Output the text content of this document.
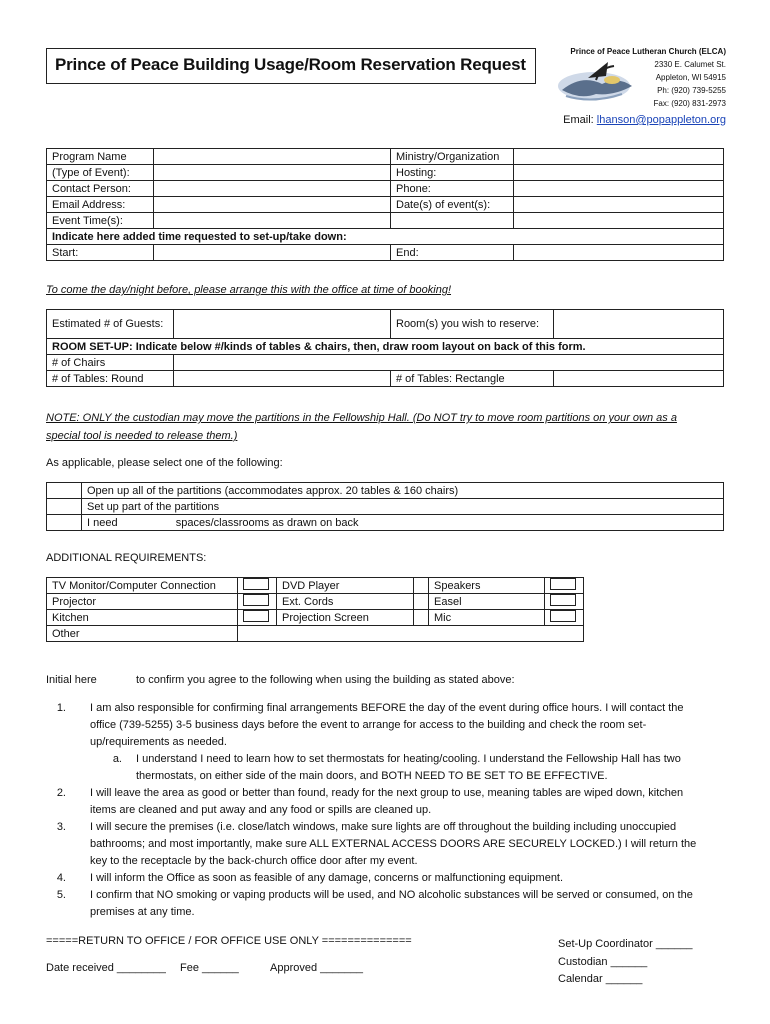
Prince of Peace Building Usage/Room Reservation Request
Prince of Peace Lutheran Church (ELCA)
2330 E. Calumet St.
Appleton, WI 54915
Ph: (920) 739-5255
Fax: (920) 831-2973
Email: lhanson@popappleton.org
Program Name		Ministry/Organization	
(Type of Event):		Hosting:	
Contact Person:		Phone:	
Email Address:		Date(s) of event(s):	
Event Time(s):			
Indicate here added time requested to set-up/take down:			
Start:		End:	
To come the day/night before, please arrange this with the office at time of booking!
Estimated # of Guests:		Room(s) you wish to reserve:	
ROOM SET-UP: Indicate below #/kinds of tables & chairs, then, draw room layout on back of this form.			
# of Chairs			
# of Tables: Round		# of Tables: Rectangle	
NOTE: ONLY the custodian may move the partitions in the Fellowship Hall. (Do NOT try to move room partitions on your own as a
special tool is needed to release them.)
As applicable, please select one of the following:
	Open up all of the partitions (accommodates approx. 20 tables & 160 chairs)
	Set up part of the partitions
	I need spaces/classrooms as drawn on back
ADDITIONAL REQUIREMENTS:
TV Monitor/Computer Connection		DVD Player		Speakers	
Projector		Ext. Cords		Easel	
Kitchen		Projection Screen		Mic	
Other					
Initial here	to confirm you agree to the following when using the building as stated above:
1. I am also responsible for confirming final arrangements BEFORE the day of the event during office hours. I will contact the
office (739-5255) 3-5 business days before the event to arrange for access to the building and check the room set-
up/requirements as needed.
a. I understand I need to learn how to set thermostats for heating/cooling. I understand the Fellowship Hall has two
thermostats, on either side of the main doors, and BOTH NEED TO BE SET TO BE EFFECTIVE.
2. I will leave the area as good or better than found, ready for the next group to use, meaning tables are wiped down, kitchen
items are cleaned and put away and any food or spills are cleaned up.
3. I will secure the premises (i.e. close/latch windows, make sure lights are off throughout the building including unoccupied
bathrooms; and most importantly, make sure ALL EXTERNAL ACCESS DOORS ARE SECURELY LOCKED.) I will return the
key to the receptacle by the back-church office door after my event.
4. I will inform the Office as soon as feasible of any damage, concerns or malfunctioning equipment.
5. I confirm that NO smoking or vaping products will be used, and NO alcoholic substances will be served or consumed, on the
premises at any time.
=====RETURN TO OFFICE / FOR OFFICE USE ONLY ==============
Date received ________ Fee ______	Approved _______
Set-Up Coordinator ______
Custodian ______
Calendar ______
